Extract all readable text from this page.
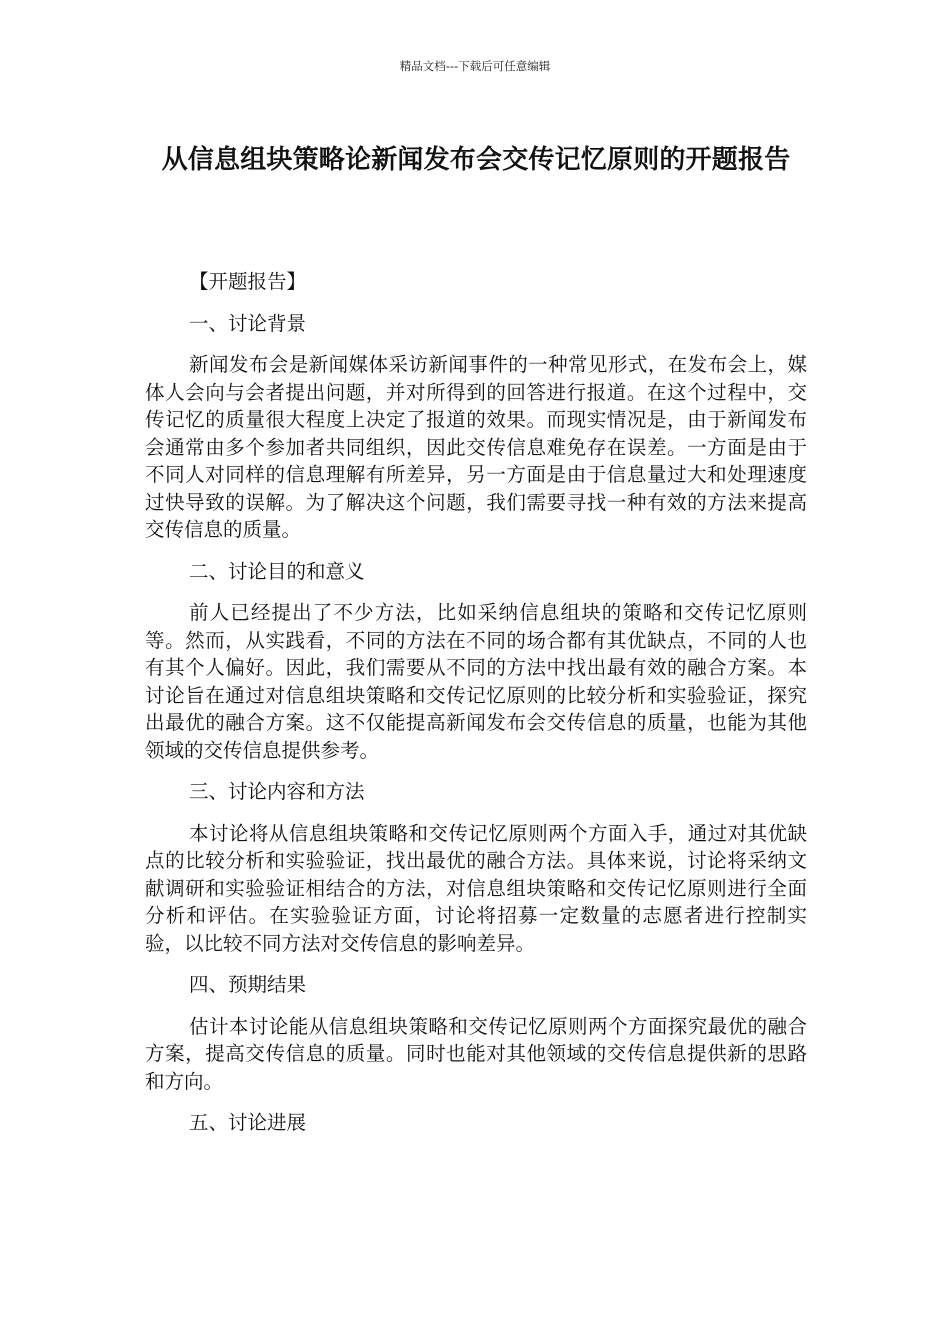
精品文档---下载后可任意编辑
从信息组块策略论新闻发布会交传记忆原则的开题报告
【开题报告】
一、讨论背景

新闻发布会是新闻媒体采访新闻事件的一种常见形式，在发布会上，媒体人会向与会者提出问题，并对所得到的回答进行报道。在这个过程中，交传记忆的质量很大程度上决定了报道的效果。而现实情况是，由于新闻发布会通常由多个参加者共同组织，因此交传信息难免存在误差。一方面是由于不同人对同样的信息理解有所差异，另一方面是由于信息量过大和处理速度过快导致的误解。为了解决这个问题，我们需要寻找一种有效的方法来提高交传信息的质量。

二、讨论目的和意义

前人已经提出了不少方法，比如采纳信息组块的策略和交传记忆原则等。然而，从实践看，不同的方法在不同的场合都有其优缺点，不同的人也有其个人偏好。因此，我们需要从不同的方法中找出最有效的融合方案。本讨论旨在通过对信息组块策略和交传记忆原则的比较分析和实验验证，探究出最优的融合方案。这不仅能提高新闻发布会交传信息的质量，也能为其他领域的交传信息提供参考。

三、讨论内容和方法

本讨论将从信息组块策略和交传记忆原则两个方面入手，通过对其优缺点的比较分析和实验验证，找出最优的融合方法。具体来说，讨论将采纳文献调研和实验验证相结合的方法，对信息组块策略和交传记忆原则进行全面分析和评估。在实验验证方面，讨论将招募一定数量的志愿者进行控制实验，以比较不同方法对交传信息的影响差异。

四、预期结果

估计本讨论能从信息组块策略和交传记忆原则两个方面探究最优的融合方案，提高交传信息的质量。同时也能对其他领域的交传信息提供新的思路和方向。

五、讨论进展
